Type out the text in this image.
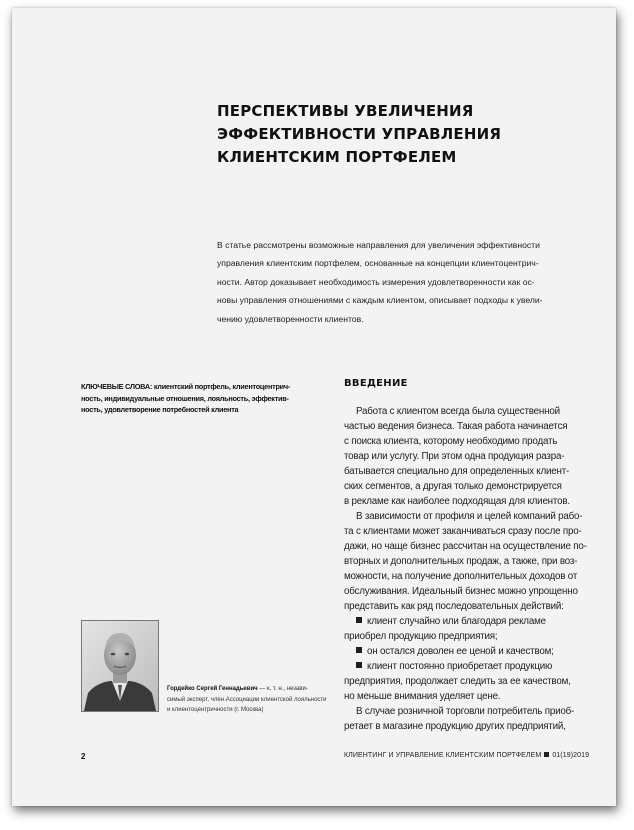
ПЕРСПЕКТИВЫ УВЕЛИЧЕНИЯ
ЭФФЕКТИВНОСТИ УПРАВЛЕНИЯ
КЛИЕНТСКИМ ПОРТФЕЛЕМ
В статье рассмотрены возможные направления для увеличения эффективности
управления клиентским портфелем, основанные на концепции клиентоцентрич-
ности. Автор доказывает необходимость измерения удовлетворенности как ос-
новы управления отношениями с каждым клиентом, описывает подходы к увели-
чению удовлетворенности клиентов.
КЛЮЧЕВЫЕ СЛОВА: клиентский портфель, клиентоцентрич-
ность, индивидуальные отношения, лояльность, эффектив-
ность, удовлетворение потребностей клиента
ВВЕДЕНИЕ
Работа с клиентом всегда была существенной
частью ведения бизнеса. Такая работа начинается
с поиска клиента, которому необходимо продать
товар или услугу. При этом одна продукция разра-
батывается специально для определенных клиент-
ских сегментов, а другая только демонстрируется
в рекламе как наиболее подходящая для клиентов.
В зависимости от профиля и целей компаний рабо-
та с клиентами может заканчиваться сразу после про-
дажи, но чаще бизнес рассчитан на осуществление по-
вторных и дополнительных продаж, а также, при воз-
можности, на получение дополнительных доходов от
обслуживания. Идеальный бизнес можно упрощенно
представить как ряд последовательных действий:
клиент случайно или благодаря рекламе
приобрел продукцию предприятия;
он остался доволен ее ценой и качеством;
клиент постоянно приобретает продукцию
предприятия, продолжает следить за ее качеством,
но меньше внимания уделяет цене.
В случае розничной торговли потребитель приоб-
ретает в магазине продукцию других предприятий,
Гордейко Сергей Геннадьевич — к. т. н., незави-
симый эксперт, член Ассоциации клиентской лояльности
и клиентоцентричности (г. Москва)
2	КЛИЕНТИНГ И УПРАВЛЕНИЕ КЛИЕНТСКИМ ПОРТФЕЛЕМ 01(19)2019
